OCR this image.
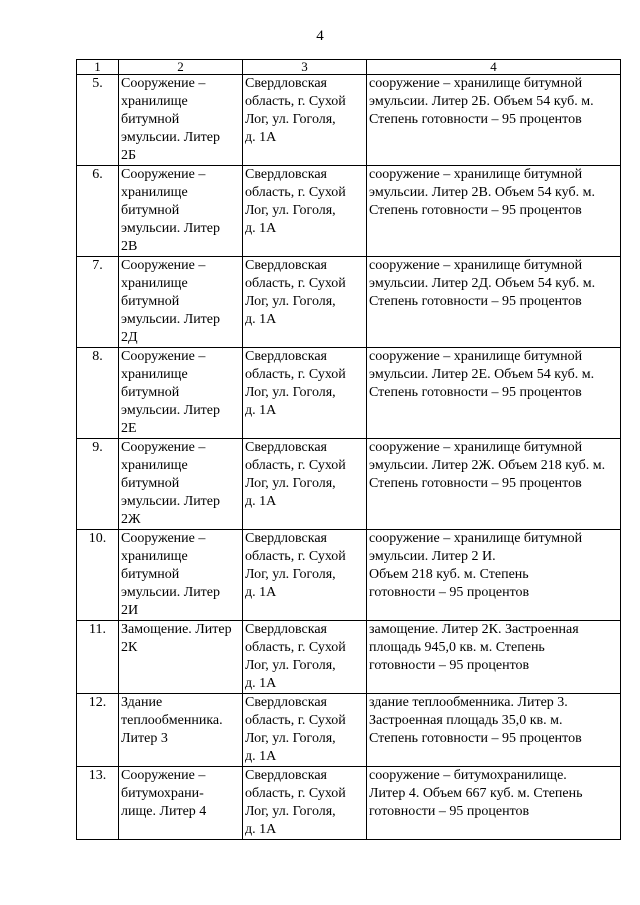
4
1	2	3	4
5.	Сооружение –
хранилище
битумной
эмульсии. Литер
2Б	Свердловская
область, г. Сухой
Лог, ул. Гоголя,
д. 1А	сооружение – хранилище битумной
эмульсии. Литер 2Б. Объем 54 куб. м.
Степень готовности – 95 процентов
6.	Сооружение –
хранилище
битумной
эмульсии. Литер
2В	Свердловская
область, г. Сухой
Лог, ул. Гоголя,
д. 1А	сооружение – хранилище битумной
эмульсии. Литер 2В. Объем 54 куб. м.
Степень готовности – 95 процентов
7.	Сооружение –
хранилище
битумной
эмульсии. Литер
2Д	Свердловская
область, г. Сухой
Лог, ул. Гоголя,
д. 1А	сооружение – хранилище битумной
эмульсии. Литер 2Д. Объем 54 куб. м.
Степень готовности – 95 процентов
8.	Сооружение –
хранилище
битумной
эмульсии. Литер
2Е	Свердловская
область, г. Сухой
Лог, ул. Гоголя,
д. 1А	сооружение – хранилище битумной
эмульсии. Литер 2Е. Объем 54 куб. м.
Степень готовности – 95 процентов
9.	Сооружение –
хранилище
битумной
эмульсии. Литер
2Ж	Свердловская
область, г. Сухой
Лог, ул. Гоголя,
д. 1А	сооружение – хранилище битумной
эмульсии. Литер 2Ж. Объем 218 куб. м.
Степень готовности – 95 процентов
10.	Сооружение –
хранилище
битумной
эмульсии. Литер
2И	Свердловская
область, г. Сухой
Лог, ул. Гоголя,
д. 1А	сооружение – хранилище битумной
эмульсии. Литер 2 И.
Объем 218 куб. м. Степень
готовности – 95 процентов
11.	Замощение. Литер
2К	Свердловская
область, г. Сухой
Лог, ул. Гоголя,
д. 1А	замощение. Литер 2К. Застроенная
площадь 945,0 кв. м. Степень
готовности – 95 процентов
12.	Здание
теплообменника.
Литер 3	Свердловская
область, г. Сухой
Лог, ул. Гоголя,
д. 1А	здание теплообменника. Литер 3.
Застроенная площадь 35,0 кв. м.
Степень готовности – 95 процентов
13.	Сооружение –
битумохрани-
лище. Литер 4	Свердловская
область, г. Сухой
Лог, ул. Гоголя,
д. 1А	сооружение – битумохранилище.
Литер 4. Объем 667 куб. м. Степень
готовности – 95 процентов
